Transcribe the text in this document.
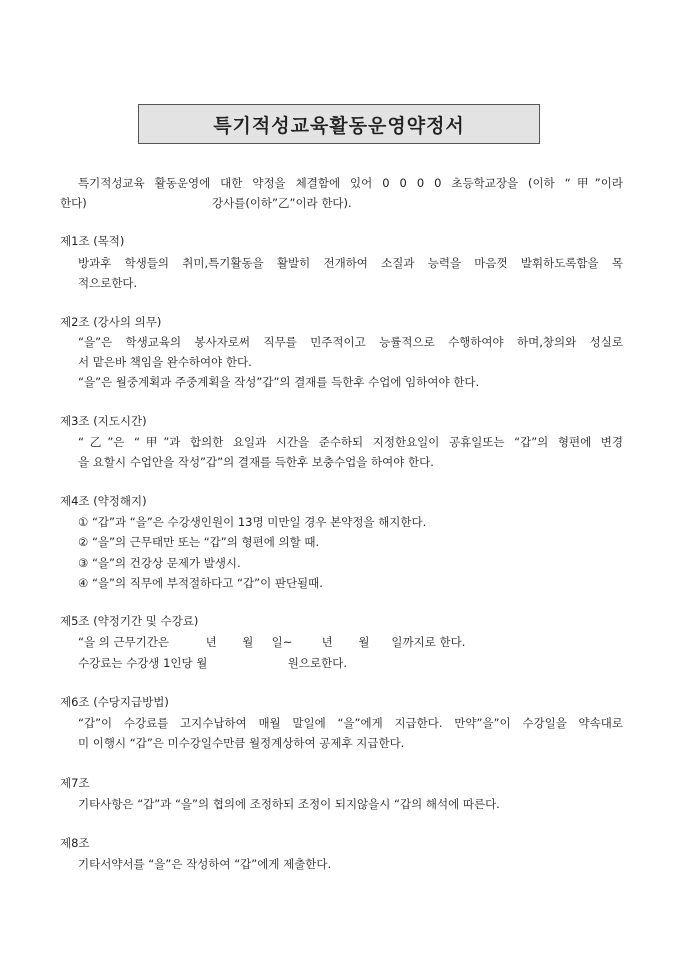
특기적성교육활동운영약정서
특기적성교육 활동운영에 대한 약정을 체결함에 있어 0 0 0 0 초등학교장을 (이하 “甲”이라
한다)	강사를(이하”乙”이라 한다).
제1조 (목적)
방과후 학생들의 취미,특기활동을 활발히 전개하여 소질과 능력을 마음껏 발휘하도록함을 목
적으로한다.
제2조 (강사의 의무)
“을”은 학생교육의 봉사자로써 직무를 민주적이고 능률적으로 수행하여야 하며,창의와 성실로
서 맡은바 책임을 완수하여야 한다.
“을”은 월중계획과 주중계획을 작성”갑”의 결재를 득한후 수업에 임하여야 한다.
제3조 (지도시간)
“乙”은 “甲”과 합의한 요일과 시간을 준수하되 지정한요일이 공휴일또는 “갑”의 형편에 변경
을 요할시 수업안을 작성”갑”의 결재를 득한후 보충수업을 하여야 한다.
제4조 (약정해지)
① “갑”과 “을”은 수강생인원이 13명 미만일 경우 본약정을 해지한다.
② “을”의 근무태만 또는 “갑”의 형편에 의할 때.
③ “을”의 건강상 문제가 발생시.
④ “을”의 직무에 부적절하다고 “갑”이 판단될때.
제5조 (약정기간 및 수강료)
“을 의 근무기간은          년       월     일~        년       월      일까지로 한다.
수강료는 수강생 1인당 월                      원으로한다.
제6조 (수당지급방법)
“갑”이 수강료를 고지수납하여 매월 말일에 “을”에게 지급한다. 만약”을”이 수강일을 약속대로
미 이행시 “갑”은 미수강일수만큼 월정계상하여 공제후 지급한다.
제7조
기타사항은 “갑”과 “을”의 협의에 조정하되 조정이 되지않을시 “갑의 해석에 따른다.
제8조
기타서약서를 “을”은 작성하여 “갑”에게 제출한다.
